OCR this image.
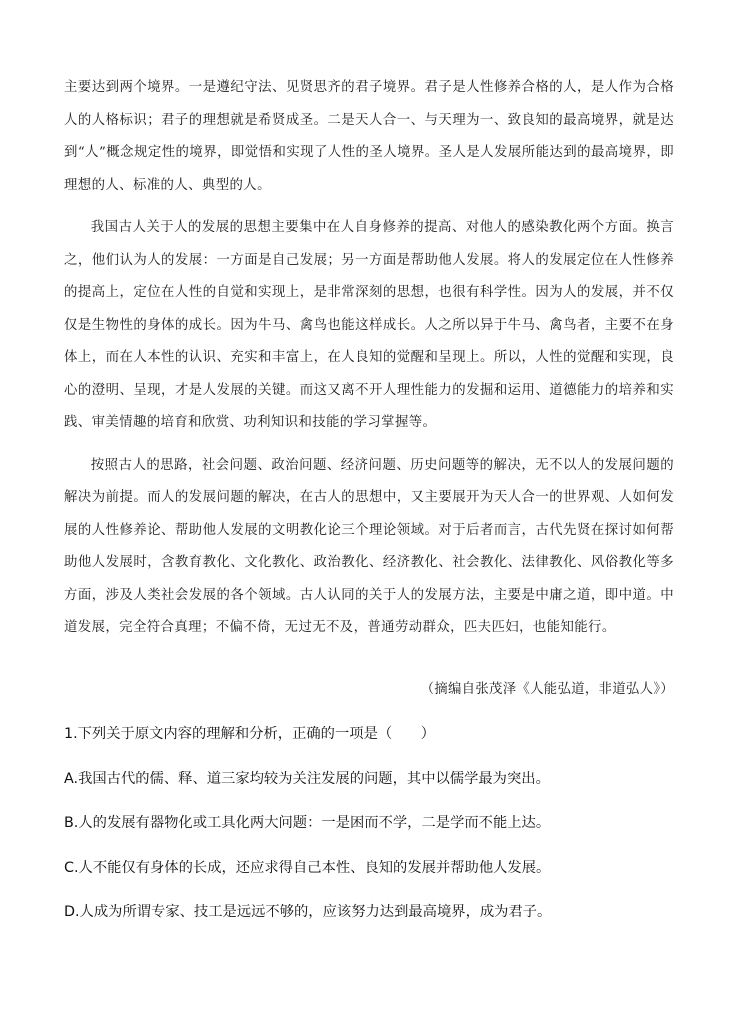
主要达到两个境界。一是遵纪守法、见贤思齐的君子境界。君子是人性修养合格的人，是人作为合格人的人格标识；君子的理想就是希贤成圣。二是天人合一、与天理为一、致良知的最高境界，就是达到“人”概念规定性的境界，即觉悟和实现了人性的圣人境界。圣人是人发展所能达到的最高境界，即理想的人、标准的人、典型的人。

我国古人关于人的发展的思想主要集中在人自身修养的提高、对他人的感染教化两个方面。换言之，他们认为人的发展：一方面是自己发展；另一方面是帮助他人发展。将人的发展定位在人性修养的提高上，定位在人性的自觉和实现上，是非常深刻的思想，也很有科学性。因为人的发展，并不仅仅是生物性的身体的成长。因为牛马、禽鸟也能这样成长。人之所以异于牛马、禽鸟者，主要不在身体上，而在人本性的认识、充实和丰富上，在人良知的觉醒和呈现上。所以，人性的觉醒和实现，良心的澄明、呈现，才是人发展的关键。而这又离不开人理性能力的发掘和运用、道德能力的培养和实践、审美情趣的培育和欣赏、功利知识和技能的学习掌握等。

按照古人的思路，社会问题、政治问题、经济问题、历史问题等的解决，无不以人的发展问题的解决为前提。而人的发展问题的解决，在古人的思想中，又主要展开为天人合一的世界观、人如何发展的人性修养论、帮助他人发展的文明教化论三个理论领域。对于后者而言，古代先贤在探讨如何帮助他人发展时，含教育教化、文化教化、政治教化、经济教化、社会教化、法律教化、风俗教化等多方面，涉及人类社会发展的各个领域。古人认同的关于人的发展方法，主要是中庸之道，即中道。中道发展，完全符合真理；不偏不倚，无过无不及，普通劳动群众，匹夫匹妇，也能知能行。

（摘编自张茂泽《人能弘道，非道弘人》）
1.下列关于原文内容的理解和分析，正确的一项是（　　）
A.我国古代的儒、释、道三家均较为关注发展的问题，其中以儒学最为突出。
B.人的发展有器物化或工具化两大问题：一是困而不学，二是学而不能上达。
C.人不能仅有身体的长成，还应求得自己本性、良知的发展并帮助他人发展。
D.人成为所谓专家、技工是远远不够的，应该努力达到最高境界，成为君子。
